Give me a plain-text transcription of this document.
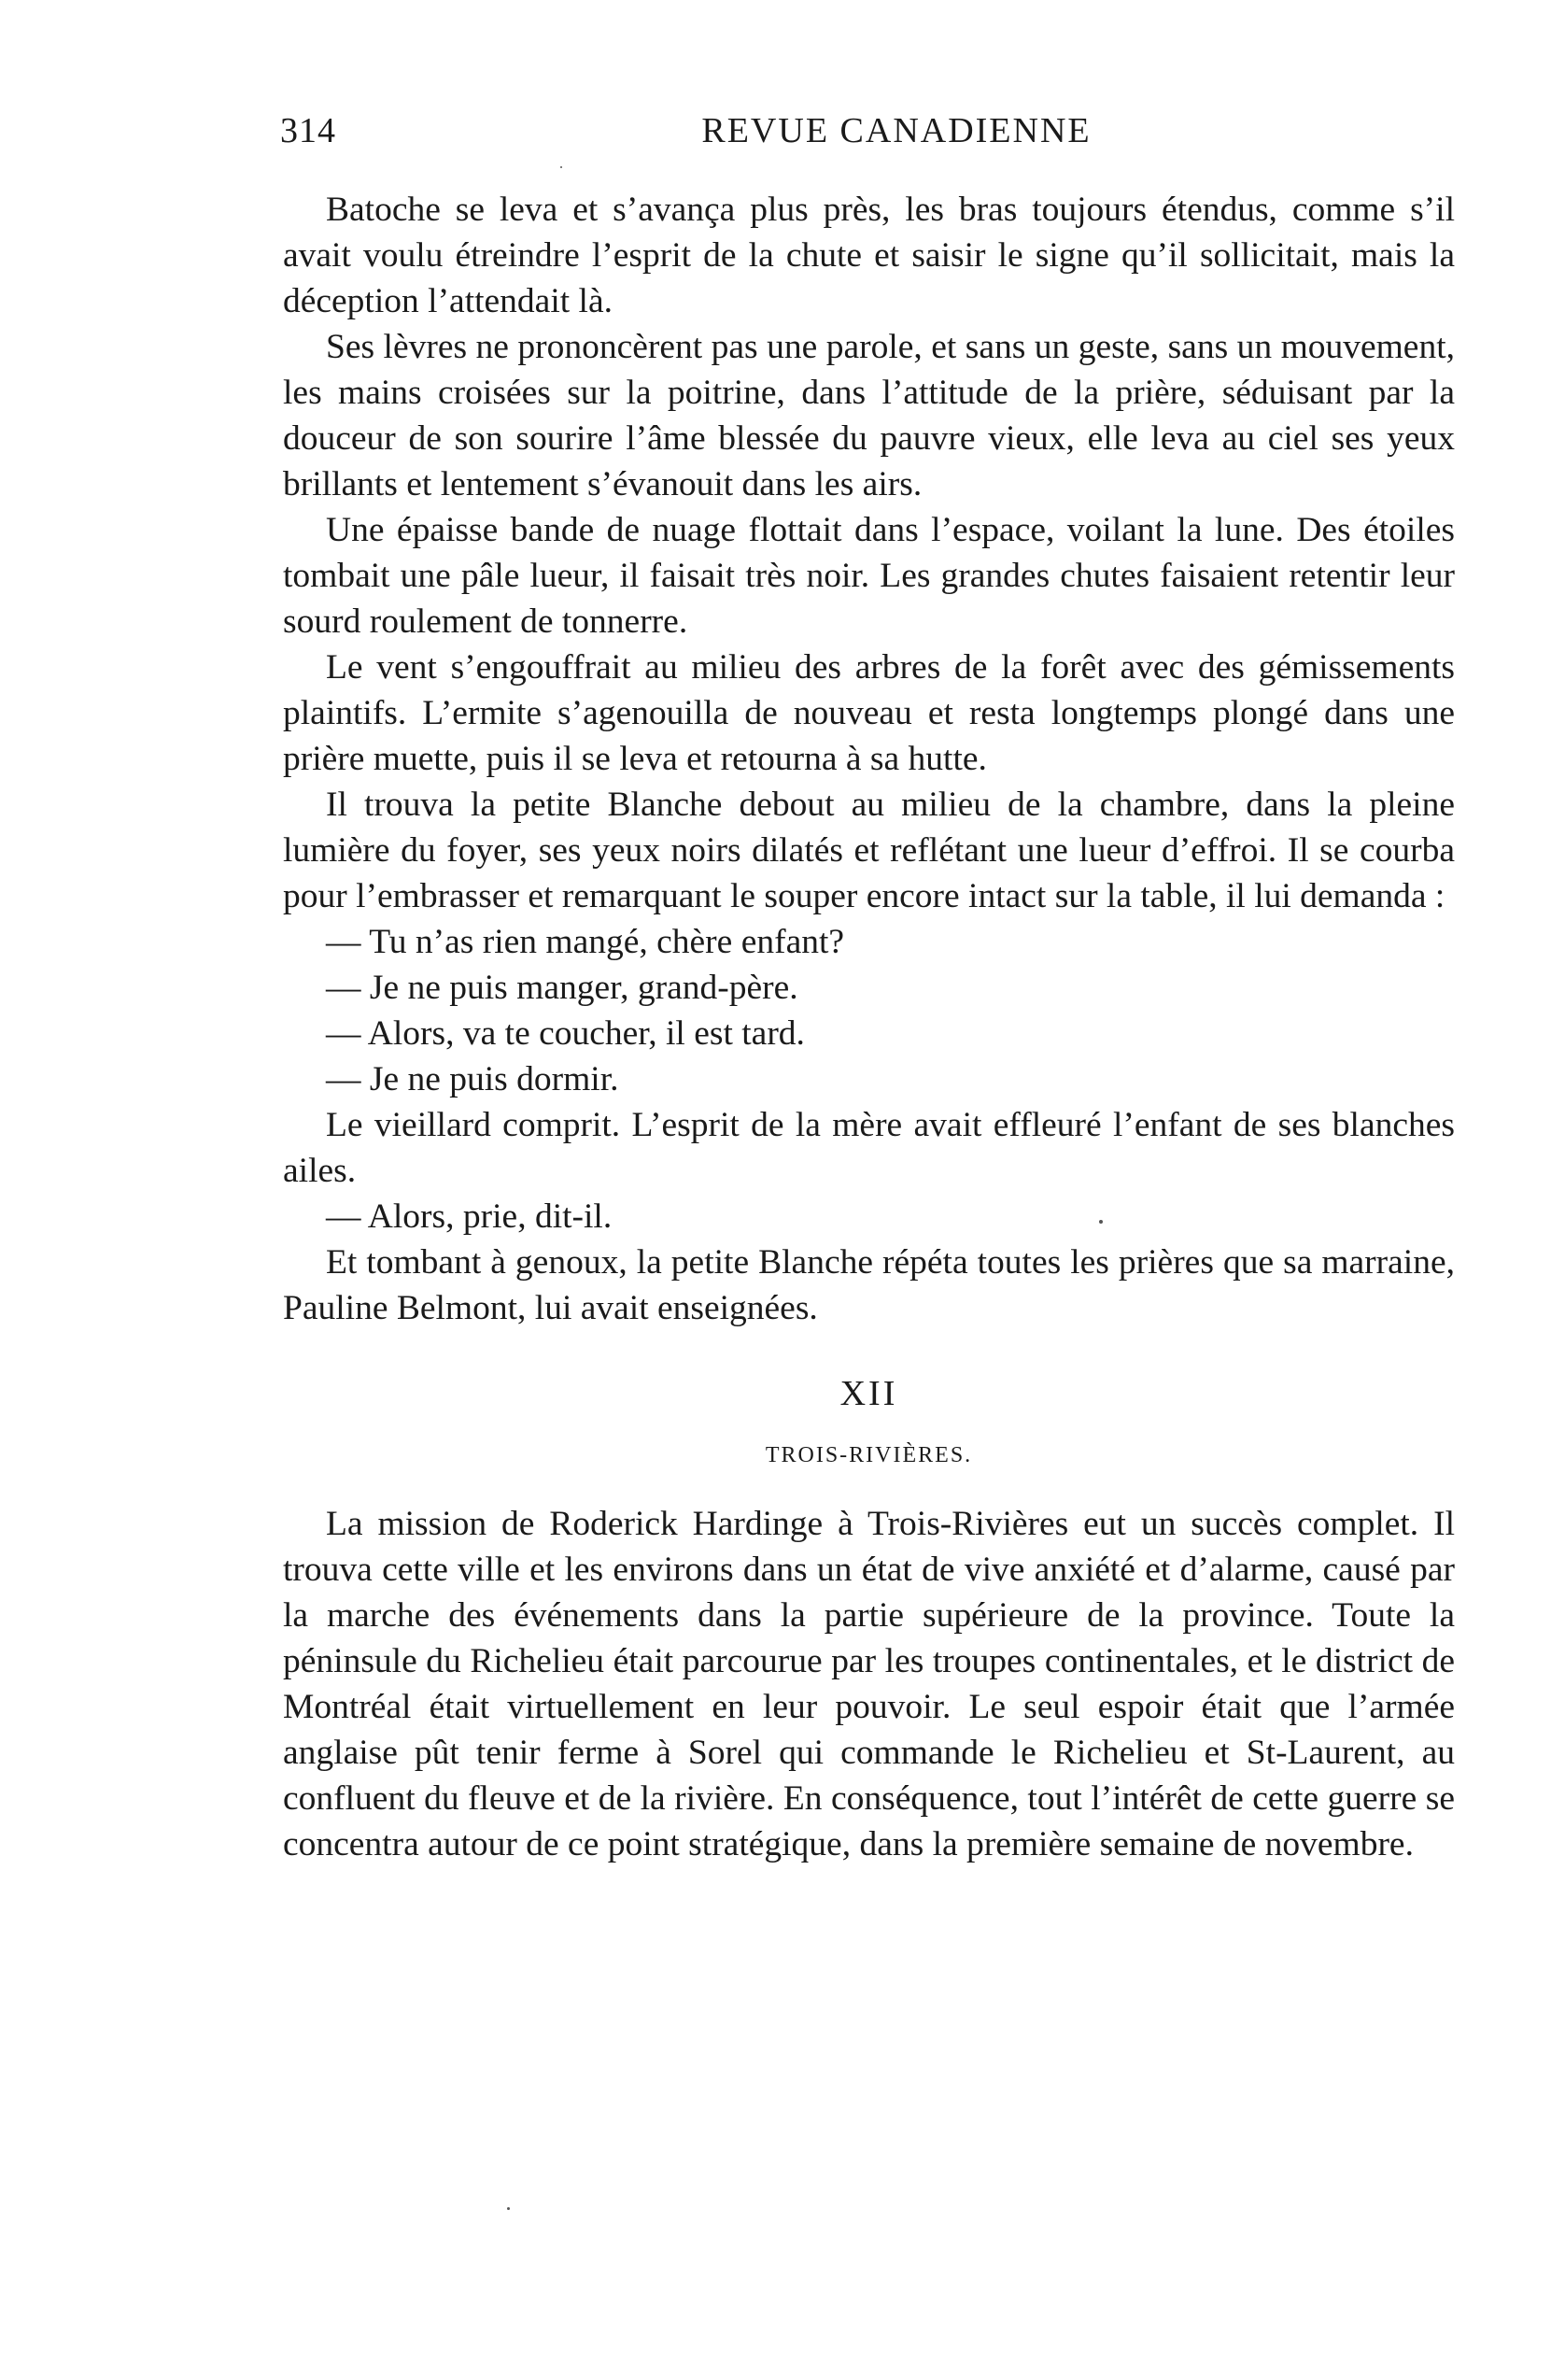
314	REVUE CANADIENNE

Batoche se leva et s’avança plus près, les bras toujours étendus, comme s’il avait voulu étreindre l’esprit de la chute et saisir le signe qu’il sollicitait, mais la déception l’attendait là.

Ses lèvres ne prononcèrent pas une parole, et sans un geste, sans un mouvement, les mains croisées sur la poitrine, dans l’attitude de la prière, séduisant par la douceur de son sourire l’âme blessée du pauvre vieux, elle leva au ciel ses yeux brillants et lentement s’évanouit dans les airs.

Une épaisse bande de nuage flottait dans l’espace, voilant la lune. Des étoiles tombait une pâle lueur, il faisait très noir. Les grandes chutes faisaient retentir leur sourd roulement de tonnerre.

Le vent s’engouffrait au milieu des arbres de la forêt avec des gémissements plaintifs. L’ermite s’agenouilla de nouveau et resta longtemps plongé dans une prière muette, puis il se leva et retourna à sa hutte.

Il trouva la petite Blanche debout au milieu de la chambre, dans la pleine lumière du foyer, ses yeux noirs dilatés et reflétant une lueur d’effroi. Il se courba pour l’embrasser et remarquant le souper encore intact sur la table, il lui demanda :

— Tu n’as rien mangé, chère enfant?

— Je ne puis manger, grand-père.

— Alors, va te coucher, il est tard.

— Je ne puis dormir.

Le vieillard comprit. L’esprit de la mère avait effleuré l’enfant de ses blanches ailes.

— Alors, prie, dit-il.

Et tombant à genoux, la petite Blanche répéta toutes les prières que sa marraine, Pauline Belmont, lui avait enseignées.

XII
TROIS-RIVIÈRES.

La mission de Roderick Hardinge à Trois-Rivières eut un succès complet. Il trouva cette ville et les environs dans un état de vive anxiété et d’alarme, causé par la marche des événements dans la partie supérieure de la province. Toute la péninsule du Richelieu était parcourue par les troupes continentales, et le district de Montréal était virtuellement en leur pouvoir. Le seul espoir était que l’armée anglaise pût tenir ferme à Sorel qui commande le Richelieu et St-Laurent, au confluent du fleuve et de la rivière. En conséquence, tout l’intérêt de cette guerre se concentra autour de ce point stratégique, dans la première semaine de novembre.
